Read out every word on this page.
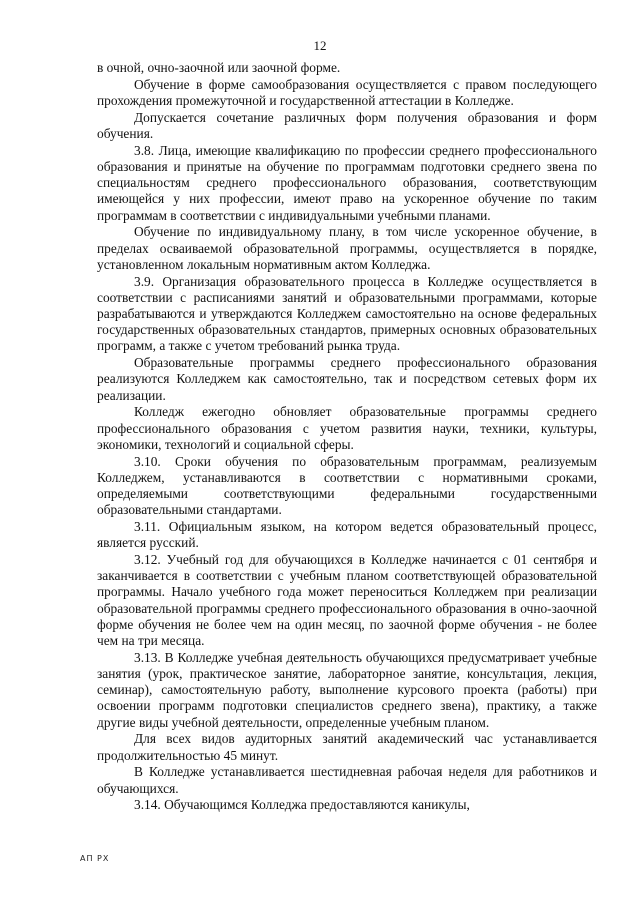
12

в очной, очно-заочной или заочной форме.

Обучение в форме самообразования осуществляется с правом последующего прохождения промежуточной и государственной аттестации в Колледже.

Допускается сочетание различных форм получения образования и форм обучения.

3.8. Лица, имеющие квалификацию по профессии среднего профессионального образования и принятые на обучение по программам подготовки среднего звена по специальностям среднего профессионального образования, соответствующим имеющейся у них профессии, имеют право на ускоренное обучение по таким программам в соответствии с индивидуальными учебными планами.

Обучение по индивидуальному плану, в том числе ускоренное обучение, в пределах осваиваемой образовательной программы, осуществляется в порядке, установленном локальным нормативным актом Колледжа.

3.9. Организация образовательного процесса в Колледже осуществляется в соответствии с расписаниями занятий и образовательными программами, которые разрабатываются и утверждаются Колледжем самостоятельно на основе федеральных государственных образовательных стандартов, примерных основных образовательных программ, а также с учетом требований рынка труда.

Образовательные программы среднего профессионального образования реализуются Колледжем как самостоятельно, так и посредством сетевых форм их реализации.

Колледж ежегодно обновляет образовательные программы среднего профессионального образования с учетом развития науки, техники, культуры, экономики, технологий и социальной сферы.

3.10. Сроки обучения по образовательным программам, реализуемым Колледжем, устанавливаются в соответствии с нормативными сроками, определяемыми соответствующими федеральными государственными образовательными стандартами.

3.11. Официальным языком, на котором ведется образовательный процесс, является русский.

3.12. Учебный год для обучающихся в Колледже начинается с 01 сентября и заканчивается в соответствии с учебным планом соответствующей образовательной программы. Начало учебного года может переноситься Колледжем при реализации образовательной программы среднего профессионального образования в очно-заочной форме обучения не более чем на один месяц, по заочной форме обучения - не более чем на три месяца.

3.13. В Колледже учебная деятельность обучающихся предусматривает учебные занятия (урок, практическое занятие, лабораторное занятие, консультация, лекция, семинар), самостоятельную работу, выполнение курсового проекта (работы) при освоении программ подготовки специалистов среднего звена), практику, а также другие виды учебной деятельности, определенные учебным планом.

Для всех видов аудиторных занятий академический час устанавливается продолжительностью 45 минут.

В Колледже устанавливается шестидневная рабочая неделя для работников и обучающихся.

3.14. Обучающимся Колледжа предоставляются каникулы,

АП РХ
